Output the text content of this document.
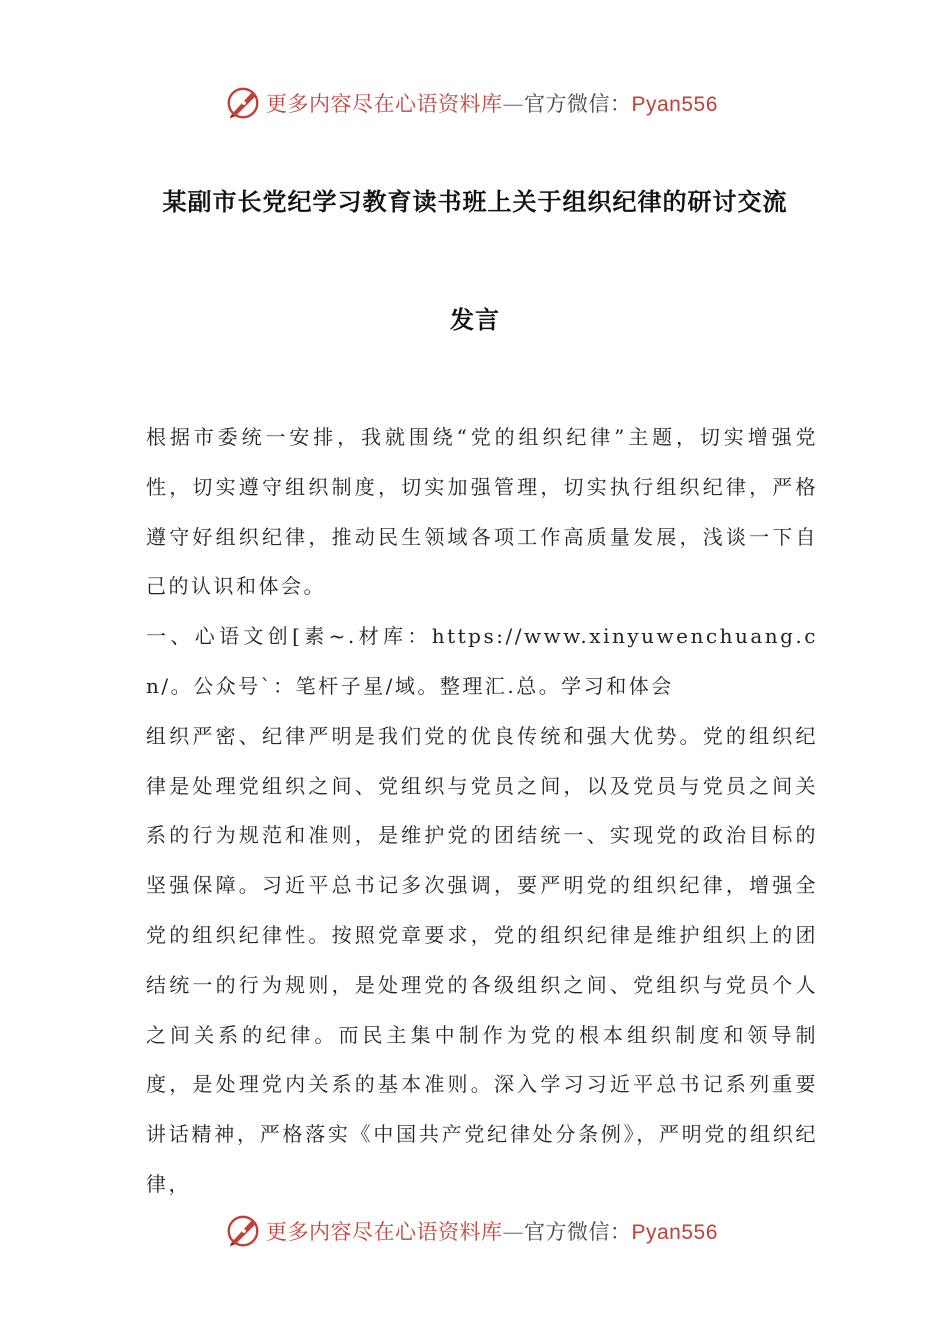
更多内容尽在心语资料库—官方微信：Pyan556
某副市长党纪学习教育读书班上关于组织纪律的研讨交流
发言

根据市委统一安排，我就围绕“党的组织纪律”主题，切实增强党性，切实遵守组织制度，切实加强管理，切实执行组织纪律，严格遵守好组织纪律，推动民生领域各项工作高质量发展，浅谈一下自己的认识和体会。

一、心语文创[素~.材库：https://www.xinyuwenchuang.cn/。公众号`：笔杆子星/域。整理汇.总。学习和体会

组织严密、纪律严明是我们党的优良传统和强大优势。党的组织纪律是处理党组织之间、党组织与党员之间，以及党员与党员之间关系的行为规范和准则，是维护党的团结统一、实现党的政治目标的坚强保障。习近平总书记多次强调，要严明党的组织纪律，增强全党的组织纪律性。按照党章要求，党的组织纪律是维护组织上的团结统一的行为规则，是处理党的各级组织之间、党组织与党员个人之间关系的纪律。而民主集中制作为党的根本组织制度和领导制度，是处理党内关系的基本准则。深入学习习近平总书记系列重要讲话精神，严格落实《中国共产党纪律处分条例》，严明党的组织纪律，

更多内容尽在心语资料库—官方微信：Pyan556
